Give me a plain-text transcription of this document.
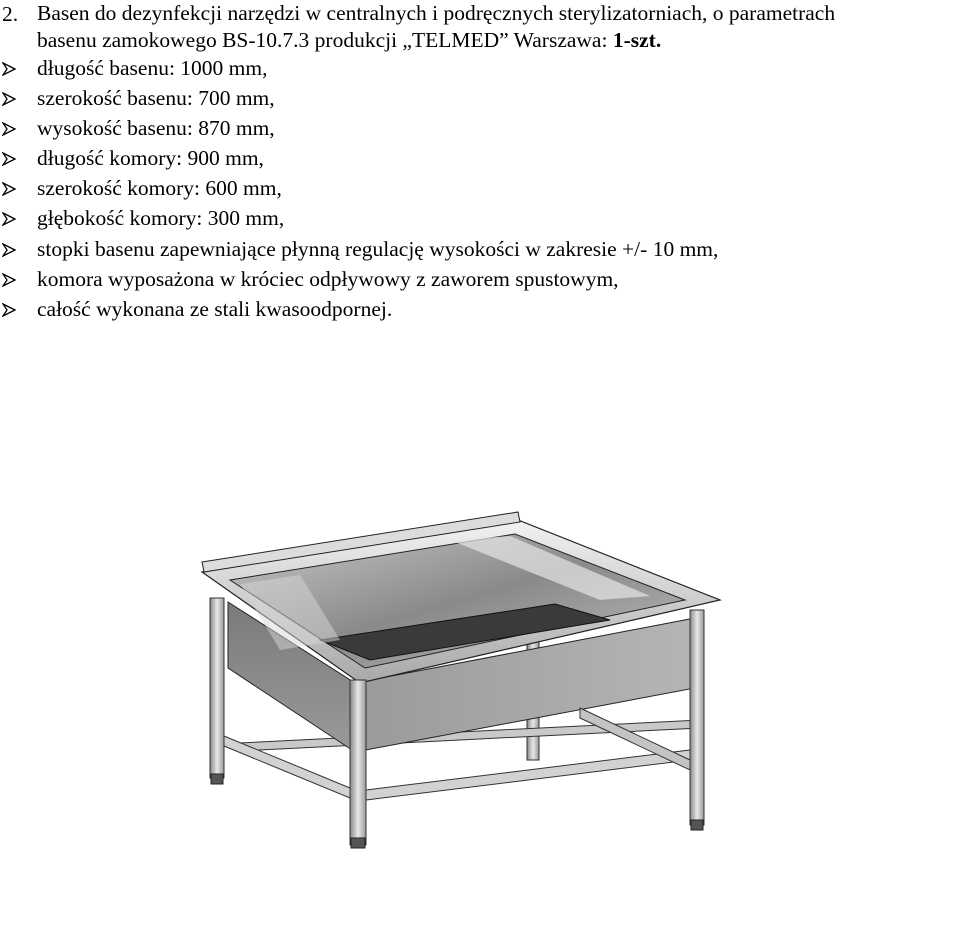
2. Basen do dezynfekcji narzędzi w centralnych i podręcznych sterylizatorniach, o parametrach
basenu zamokowego BS-10.7.3 produkcji „TELMED” Warszawa: 1-szt.
długość basenu: 1000 mm,
szerokość basenu: 700 mm,
wysokość basenu: 870 mm,
długość komory: 900 mm,
szerokość komory: 600 mm,
głębokość komory: 300 mm,
stopki basenu zapewniające płynną regulację wysokości w zakresie +/- 10 mm,
komora wyposażona w króciec odpływowy z zaworem spustowym,
całość wykonana ze stali kwasoodpornej.
